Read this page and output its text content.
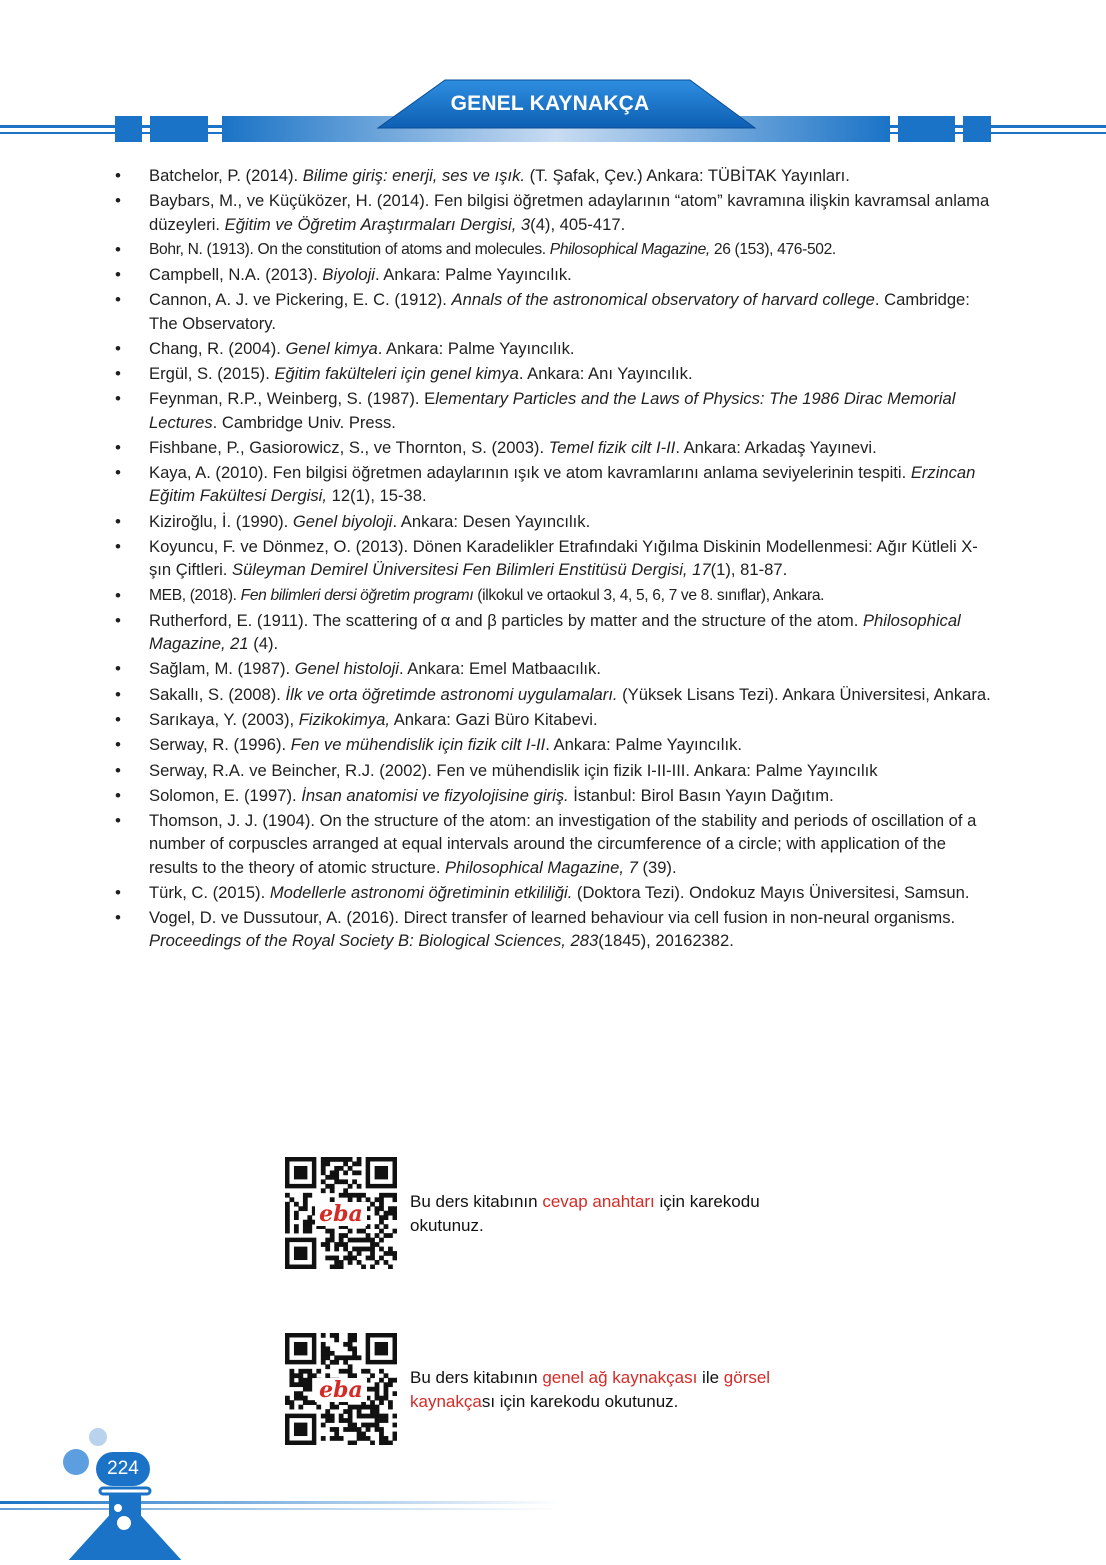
GENEL KAYNAKÇA
• Batchelor, P. (2014). Bilime giriş: enerji, ses ve ışık. (T. Şafak, Çev.) Ankara: TÜBİTAK Yayınları.
• Baybars, M., ve Küçüközer, H. (2014). Fen bilgisi öğretmen adaylarının “atom” kavramına ilişkin kavramsal anlama düzeyleri. Eğitim ve Öğretim Araştırmaları Dergisi, 3(4), 405-417.
• Bohr, N. (1913). On the constitution of atoms and molecules. Philosophical Magazine, 26 (153), 476-502.
• Campbell, N.A. (2013). Biyoloji. Ankara: Palme Yayıncılık.
• Cannon, A. J. ve Pickering, E. C. (1912). Annals of the astronomical observatory of harvard college. Cambridge: The Observatory.
• Chang, R. (2004). Genel kimya. Ankara: Palme Yayıncılık.
• Ergül, S. (2015). Eğitim fakülteleri için genel kimya. Ankara: Anı Yayıncılık.
• Feynman, R.P., Weinberg, S. (1987). Elementary Particles and the Laws of Physics: The 1986 Dirac Memorial Lectures. Cambridge Univ. Press.
• Fishbane, P., Gasiorowicz, S., ve Thornton, S. (2003). Temel fizik cilt I-II. Ankara: Arkadaş Yayınevi.
• Kaya, A. (2010). Fen bilgisi öğretmen adaylarının ışık ve atom kavramlarını anlama seviyelerinin tespiti. Erzincan Eğitim Fakültesi Dergisi, 12(1), 15-38.
• Kiziroğlu, İ. (1990). Genel biyoloji. Ankara: Desen Yayıncılık.
• Koyuncu, F. ve Dönmez, O. (2013). Dönen Karadelikler Etrafındaki Yığılma Diskinin Modellenmesi: Ağır Kütleli X-şın Çiftleri. Süleyman Demirel Üniversitesi Fen Bilimleri Enstitüsü Dergisi, 17(1), 81-87.
• MEB, (2018). Fen bilimleri dersi öğretim programı (ilkokul ve ortaokul 3, 4, 5, 6, 7 ve 8. sınıflar), Ankara.
• Rutherford, E. (1911). The scattering of α and β particles by matter and the structure of the atom. Philosophical Magazine, 21 (4).
• Sağlam, M. (1987). Genel histoloji. Ankara: Emel Matbaacılık.
• Sakallı, S. (2008). İlk ve orta öğretimde astronomi uygulamaları. (Yüksek Lisans Tezi). Ankara Üniversitesi, Ankara.
• Sarıkaya, Y. (2003), Fizikokimya, Ankara: Gazi Büro Kitabevi.
• Serway, R. (1996). Fen ve mühendislik için fizik cilt I-II. Ankara: Palme Yayıncılık.
• Serway, R.A. ve Beincher, R.J. (2002). Fen ve mühendislik için fizik I-II-III. Ankara: Palme Yayıncılık
• Solomon, E. (1997). İnsan anatomisi ve fizyolojisine giriş. İstanbul: Birol Basın Yayın Dağıtım.
• Thomson, J. J. (1904). On the structure of the atom: an investigation of the stability and periods of oscillation of a number of corpuscles arranged at equal intervals around the circumference of a circle; with application of the results to the theory of atomic structure. Philosophical Magazine, 7 (39).
• Türk, C. (2015). Modellerle astronomi öğretiminin etkililiği. (Doktora Tezi). Ondokuz Mayıs Üniversitesi, Samsun.
• Vogel, D. ve Dussutour, A. (2016). Direct transfer of learned behaviour via cell fusion in non-neural organisms. Proceedings of the Royal Society B: Biological Sciences, 283(1845), 20162382.
eba	Bu ders kitabının cevap anahtarı için karekodu okutunuz.
eba	Bu ders kitabının genel ağ kaynakçası ile görsel kaynakçası için karekodu okutunuz.
224
